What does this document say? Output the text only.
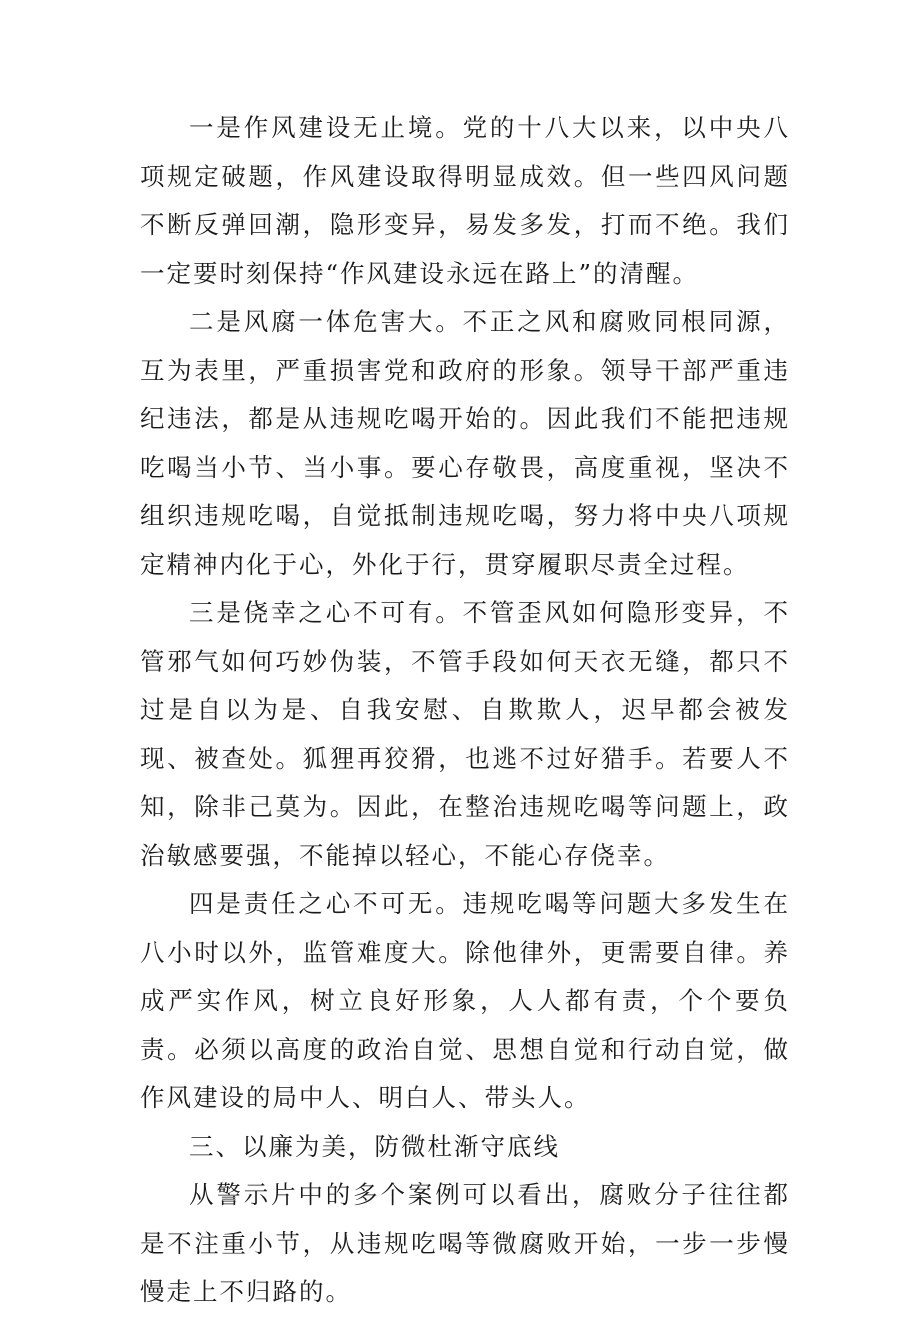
一是作风建设无止境。党的十八大以来，以中央八项规定破题，作风建设取得明显成效。但一些四风问题不断反弹回潮，隐形变异，易发多发，打而不绝。我们一定要时刻保持“作风建设永远在路上”的清醒。

二是风腐一体危害大。不正之风和腐败同根同源，互为表里，严重损害党和政府的形象。领导干部严重违纪违法，都是从违规吃喝开始的。因此我们不能把违规吃喝当小节、当小事。要心存敬畏，高度重视，坚决不组织违规吃喝，自觉抵制违规吃喝，努力将中央八项规定精神内化于心，外化于行，贯穿履职尽责全过程。

三是侥幸之心不可有。不管歪风如何隐形变异，不管邪气如何巧妙伪装，不管手段如何天衣无缝，都只不过是自以为是、自我安慰、自欺欺人，迟早都会被发现、被查处。狐狸再狡猾，也逃不过好猎手。若要人不知，除非己莫为。因此，在整治违规吃喝等问题上，政治敏感要强，不能掉以轻心，不能心存侥幸。

四是责任之心不可无。违规吃喝等问题大多发生在八小时以外，监管难度大。除他律外，更需要自律。养成严实作风，树立良好形象，人人都有责，个个要负责。必须以高度的政治自觉、思想自觉和行动自觉，做作风建设的局中人、明白人、带头人。

三、以廉为美，防微杜渐守底线

从警示片中的多个案例可以看出，腐败分子往往都是不注重小节，从违规吃喝等微腐败开始，一步一步慢慢走上不归路的。
